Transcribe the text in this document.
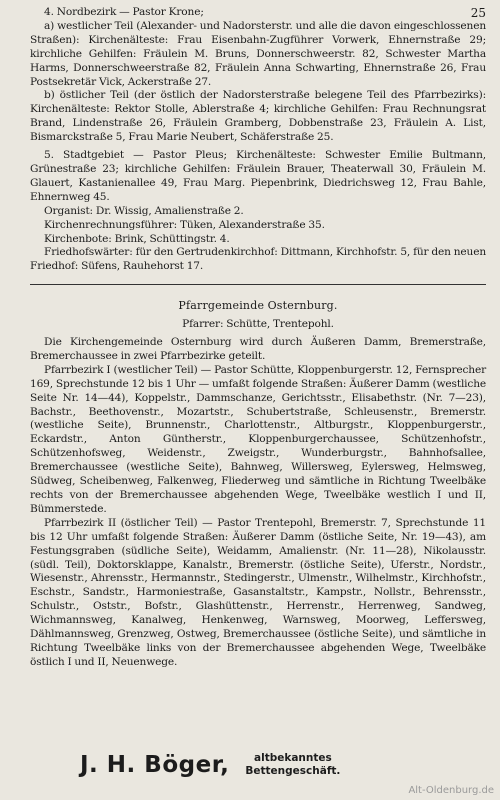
25

4. Nordbezirk — Pastor Krone;

a) westlicher Teil (Alexander- und Nadorsterstr. und alle die davon eingeschlossenen Straßen): Kirchenälteste: Frau Eisenbahn-Zugführer Vorwerk, Ehnernstraße 29; kirchliche Gehilfen: Fräulein M. Bruns, Donnerschweerstr. 82, Schwester Martha Harms, Donnerschweerstraße 82, Fräulein Anna Schwarting, Ehnernstraße 26, Frau Postsekretär Vick, Ackerstraße 27.

b) östlicher Teil (der östlich der Nadorsterstraße belegene Teil des Pfarrbezirks): Kirchenälteste: Rektor Stolle, Ablerstraße 4; kirchliche Gehilfen: Frau Rechnungsrat Brand, Lindenstraße 26, Fräulein Gramberg, Dobbenstraße 23, Fräulein A. List, Bismarckstraße 5, Frau Marie Neubert, Schäferstraße 25.

5. Stadtgebiet — Pastor Pleus; Kirchenälteste: Schwester Emilie Bultmann, Grünestraße 23; kirchliche Gehilfen: Fräulein Brauer, Theaterwall 30, Fräulein M. Glauert, Kastanienallee 49, Frau Marg. Piepenbrink, Diedrichsweg 12, Frau Bahle, Ehnernweg 45.

Organist: Dr. Wissig, Amalienstraße 2.

Kirchenrechnungsführer: Tüken, Alexanderstraße 35.

Kirchenbote: Brink, Schüttingstr. 4.

Friedhofswärter: für den Gertrudenkirchhof: Dittmann, Kirchhofstr. 5, für den neuen Friedhof: Süfens, Rauhehorst 17.

Pfarrgemeinde Osternburg.

Pfarrer: Schütte, Trentepohl.

Die Kirchengemeinde Osternburg wird durch Äußeren Damm, Bremerstraße, Bremerchaussee in zwei Pfarrbezirke geteilt.

Pfarrbezirk I (westlicher Teil) — Pastor Schütte, Kloppenburgerstr. 12, Fernsprecher 169, Sprechstunde 12 bis 1 Uhr — umfaßt folgende Straßen: Äußerer Damm (westliche Seite Nr. 14—44), Koppelstr., Dammschanze, Gerichtsstr., Elisabethstr. (Nr. 7—23), Bachstr., Beethovenstr., Mozartstr., Schubertstraße, Schleusenstr., Bremerstr. (westliche Seite), Brunnenstr., Charlottenstr., Altburgstr., Kloppenburgerstr., Eckardstr., Anton Güntherstr., Kloppenburgerchaussee, Schützenhofstr., Schützenhofsweg, Weidenstr., Zweigstr., Wunderburgstr., Bahnhofsallee, Bremerchaussee (westliche Seite), Bahnweg, Willersweg, Eylersweg, Helmsweg, Südweg, Scheibenweg, Falkenweg, Fliederweg und sämtliche in Richtung Tweelbäke rechts von der Bremerchaussee abgehenden Wege, Tweelbäke westlich I und II, Bümmerstede.

Pfarrbezirk II (östlicher Teil) — Pastor Trentepohl, Bremerstr. 7, Sprechstunde 11 bis 12 Uhr umfaßt folgende Straßen: Äußerer Damm (östliche Seite, Nr. 19—43), am Festungsgraben (südliche Seite), Weidamm, Amalienstr. (Nr. 11—28), Nikolausstr. (südl. Teil), Doktorsklappe, Kanalstr., Bremerstr. (östliche Seite), Uferstr., Nordstr., Wiesenstr., Ahrensstr., Hermannstr., Stedingerstr., Ulmenstr., Wilhelmstr., Kirchhofstr., Eschstr., Sandstr., Harmoniestraße, Gasanstaltstr., Kampstr., Nollstr., Behrensstr., Schulstr., Oststr., Bofstr., Glashüttenstr., Herrenstr., Herrenweg, Sandweg, Wichmannsweg, Kanalweg, Henkenweg, Warnsweg, Moorweg, Leffersweg, Dählmannsweg, Grenzweg, Ostweg, Bremerchaussee (östliche Seite), und sämtliche in Richtung Tweelbäke links von der Bremerchaussee abgehenden Wege, Tweelbäke östlich I und II, Neuenwege.

J. H. Böger,	altbekanntes
Bettengeschäft.
Alt-Oldenburg.de
